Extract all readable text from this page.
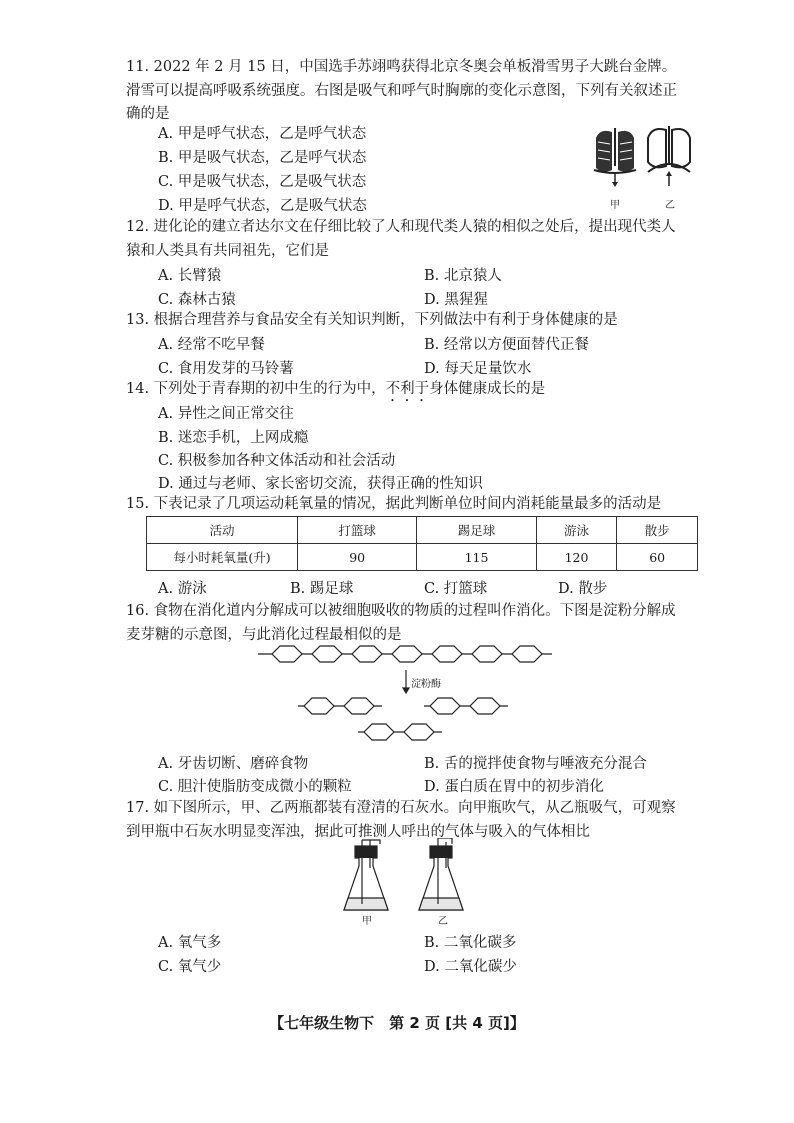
11. 2022 年 2 月 15 日，中国选手苏翊鸣获得北京冬奥会单板滑雪男子大跳台金牌。滑雪可以提高呼吸系统强度。右图是吸气和呼气时胸廓的变化示意图，下列有关叙述正确的是
A. 甲是呼气状态，乙是呼气状态
B. 甲是吸气状态，乙是呼气状态
C. 甲是吸气状态，乙是吸气状态
D. 甲是呼气状态，乙是吸气状态	甲	乙
12. 进化论的建立者达尔文在仔细比较了人和现代类人猿的相似之处后，提出现代类人猿和人类具有共同祖先，它们是
A. 长臂猿	B. 北京猿人
C. 森林古猿	D. 黑猩猩
13. 根据合理营养与食品安全有关知识判断，下列做法中有利于身体健康的是
A. 经常不吃早餐	B. 经常以方便面替代正餐
C. 食用发芽的马铃薯	D. 每天足量饮水
14. 下列处于青春期的初中生的行为中，不利于身体健康成长的是
A. 异性之间正常交往
B. 迷恋手机，上网成瘾
C. 积极参加各种文体活动和社会活动
D. 通过与老师、家长密切交流，获得正确的性知识
15. 下表记录了几项运动耗氧量的情况，据此判断单位时间内消耗能量最多的活动是
活动	打篮球	踢足球	游泳	散步
每小时耗氧量(升)	90	115	120	60
A. 游泳	B. 踢足球	C. 打篮球	D. 散步
16. 食物在消化道内分解成可以被细胞吸收的物质的过程叫作消化。下图是淀粉分解成麦芽糖的示意图，与此消化过程最相似的是
淀粉酶
A. 牙齿切断、磨碎食物	B. 舌的搅拌使食物与唾液充分混合
C. 胆汁使脂肪变成微小的颗粒	D. 蛋白质在胃中的初步消化
17. 如下图所示，甲、乙两瓶都装有澄清的石灰水。向甲瓶吹气，从乙瓶吸气，可观察到甲瓶中石灰水明显变浑浊，据此可推测人呼出的气体与吸入的气体相比
甲	乙
A. 氧气多	B. 二氧化碳多
C. 氧气少	D. 二氧化碳少
【七年级生物下　第 2 页 [共 4 页]】
